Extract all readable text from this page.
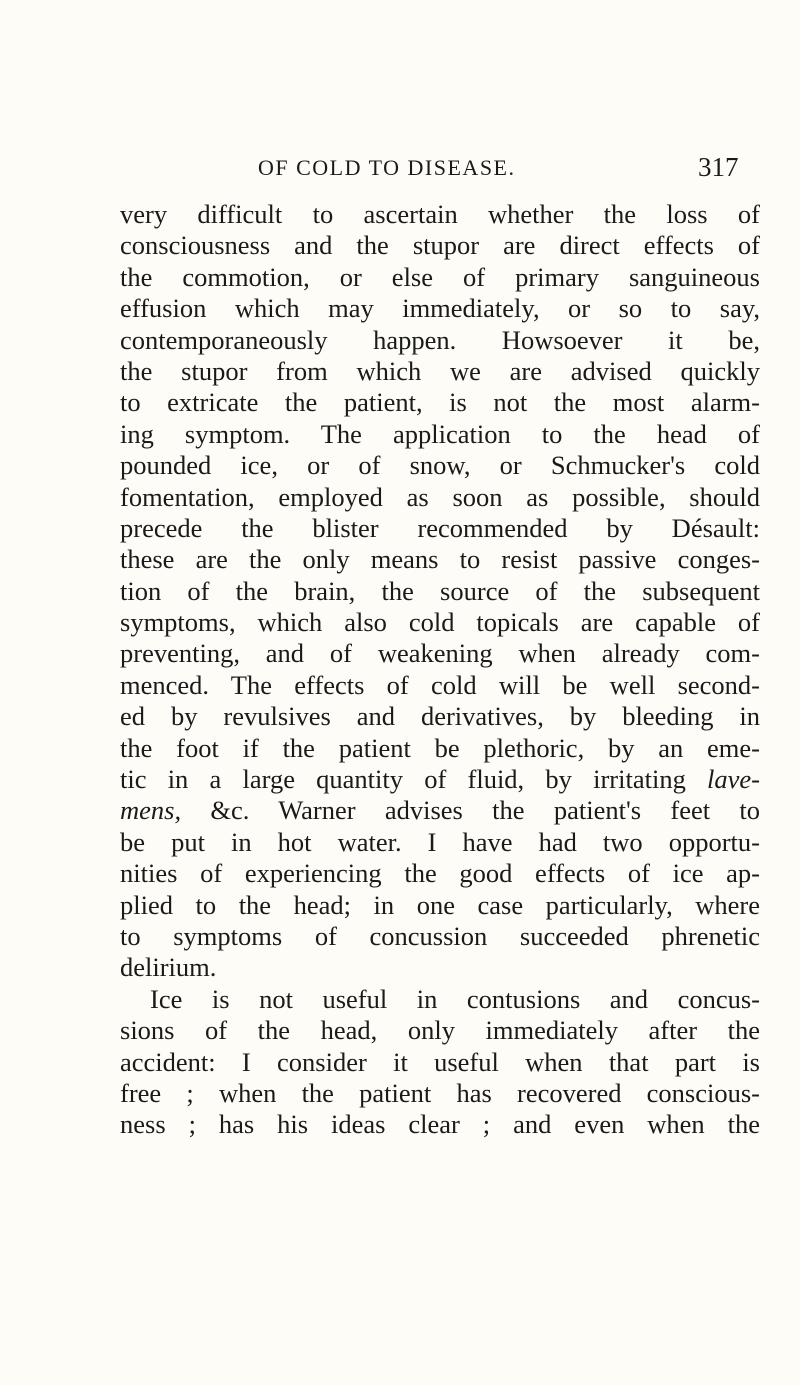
OF COLD TO DISEASE.	317
very difficult to ascertain whether the loss of
consciousness and the stupor are direct effects of
the commotion, or else of primary sanguineous
effusion which may immediately, or so to say,
contemporaneously happen. Howsoever it be,
the stupor from which we are advised quickly
to extricate the patient, is not the most alarm-
ing symptom. The application to the head of
pounded ice, or of snow, or Schmucker's cold
fomentation, employed as soon as possible, should
precede the blister recommended by Désault:
these are the only means to resist passive conges-
tion of the brain, the source of the subsequent
symptoms, which also cold topicals are capable of
preventing, and of weakening when already com-
menced. The effects of cold will be well second-
ed by revulsives and derivatives, by bleeding in
the foot if the patient be plethoric, by an eme-
tic in a large quantity of fluid, by irritating lave-
mens, &c. Warner advises the patient's feet to
be put in hot water. I have had two opportu-
nities of experiencing the good effects of ice ap-
plied to the head; in one case particularly, where
to symptoms of concussion succeeded phrenetic
delirium.
Ice is not useful in contusions and concus-
sions of the head, only immediately after the
accident: I consider it useful when that part is
free ; when the patient has recovered conscious-
ness ; has his ideas clear ; and even when the
